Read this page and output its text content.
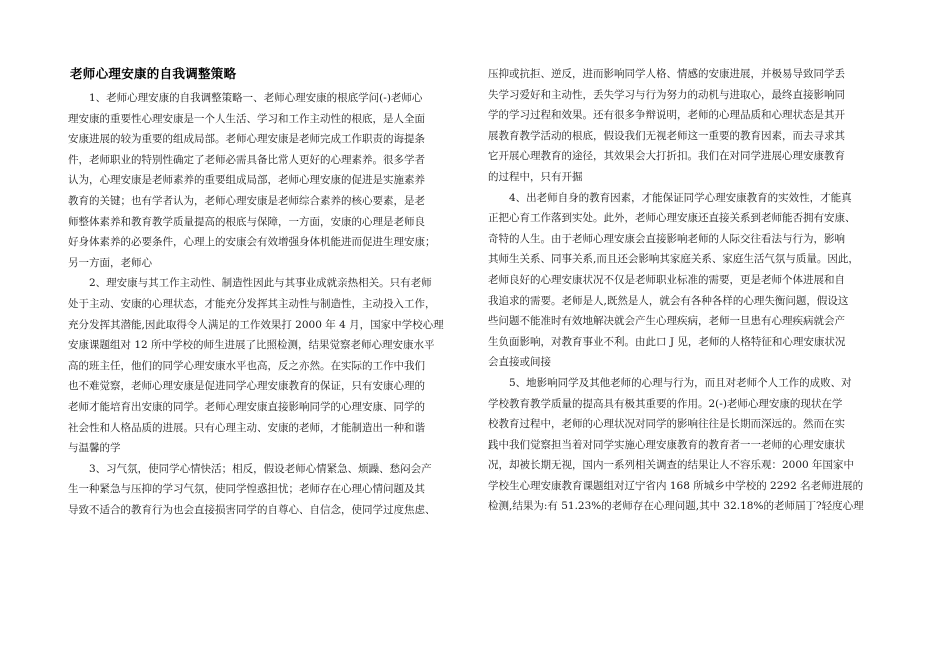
老师心理安康的自我调整策略
1、老师心理安康的自我调整策略一、老师心理安康的根底学问(-)老师心
理安康的重要性心理安康是一个人生活、学习和工作主动性的根底，是人全面
安康进展的较为重要的组成局部。老师心理安康是老师完成工作职责的诲提条
件，老师职业的特别性确定了老师必需具备比常人更好的心理素养。很多学者
认为，心理安康是老师素养的重要组成局部，老师心理安康的促进是实施素养
教育的关键；也有学者认为，老师心理安康是老师综合素养的核心要素，是老
师整体素养和教育教学质量提高的根底与保障，一方面，安康的心理是老师良
好身体素养的必要条件，心理上的安康会有效增强身体机能进而促进生理安康；
另一方面，老师心
2、理安康与其工作主动性、制造性因此与其事业成就亲热相关。只有老师
处于主动、安康的心理状态，才能充分发挥其主动性与制造性，主动投入工作，
充分发挥其潜能,因此取得令人满足的工作效果打 2000 年 4 月，国家中学校心理
安康课题组对 12 所中学校的师生进展了比照检测，结果觉察老师心理安康水平
高的班主任，他们的同学心理安康水平也高，反之亦然。在实际的工作中我们
也不难觉察，老师心理安康是促进同学心理安康教育的保证，只有安康心理的
老师才能培育出安康的同学。老师心理安康直接影响同学的心理安康、同学的
社会性和人格品质的进展。只有心理主动、安康的老师，才能制造出一种和谐
与温馨的学
3、习气氛，使同学心情快活；相反，假设老师心情紧急、烦躁、愁闷会产
生一种紧急与压抑的学习气氛，使同学惶惑担忧；老师存在心理心情问题及其
导致不适合的教育行为也会直接损害同学的自尊心、自信念，使同学过度焦虑、
压抑或抗拒、逆反，进而影响同学人格、情感的安康进展，并极易导致同学丢
失学习爱好和主动性，丢失学习与行为努力的动机与进取心，最终直接影响同
学的学习过程和效果。还有很多争辩说明，老师的心理品质和心理状态是其开
展教育教学活动的根底，假设我们无视老师这一重要的教育因素，而去寻求其
它开展心理教育的途径，其效果会大打折扣。我们在对同学进展心理安康教育
的过程中，只有开掘
4、出老师自身的教育因素，才能保证同学心理安康教育的实效性，才能真
正把心育工作落到实处。此外，老师心理安康还直接关系到老师能否拥有安康、
奇特的人生。由于老师心理安康会直接影响老师的人际交往看法与行为，影响
其师生关系、同事关系,而且还会影响其家庭关系、家庭生活气氛与质量。因此，
老师良好的心理安康状况不仅是老师职业标准的需要，更是老师个体进展和自
我追求的需要。老师是人,既然是人，就会有各种各样的心理失衡问题，假设这
些问题不能准时有效地解决就会产生心理疾病，老师一旦患有心理疾病就会产
生负面影响，对教育事业不利。由此口 J 见，老师的人格特征和心理安康状况
会直接或间接
5、地影响同学及其他老师的心理与行为，而且对老师个人工作的成败、对
学校教育教学质量的提高具有极其重要的作用。2(-)老师心理安康的现状在学
校教育过程中，老师的心理状况对同学的影响往往是长期而深远的。然而在实
践中我们觉察担当着对同学实施心理安康教育的教育者一一老师的心理安康状
况，却被长期无视，国内一系列相关调查的结果让人不容乐观：2000 年国家中
学校生心理安康教育课题组对辽宁省内 168 所城乡中学校的 2292 名老师进展的
检测,结果为:有 51.23%的老师存在心理问题,其中 32.18%的老师屆丁?轻度心理
